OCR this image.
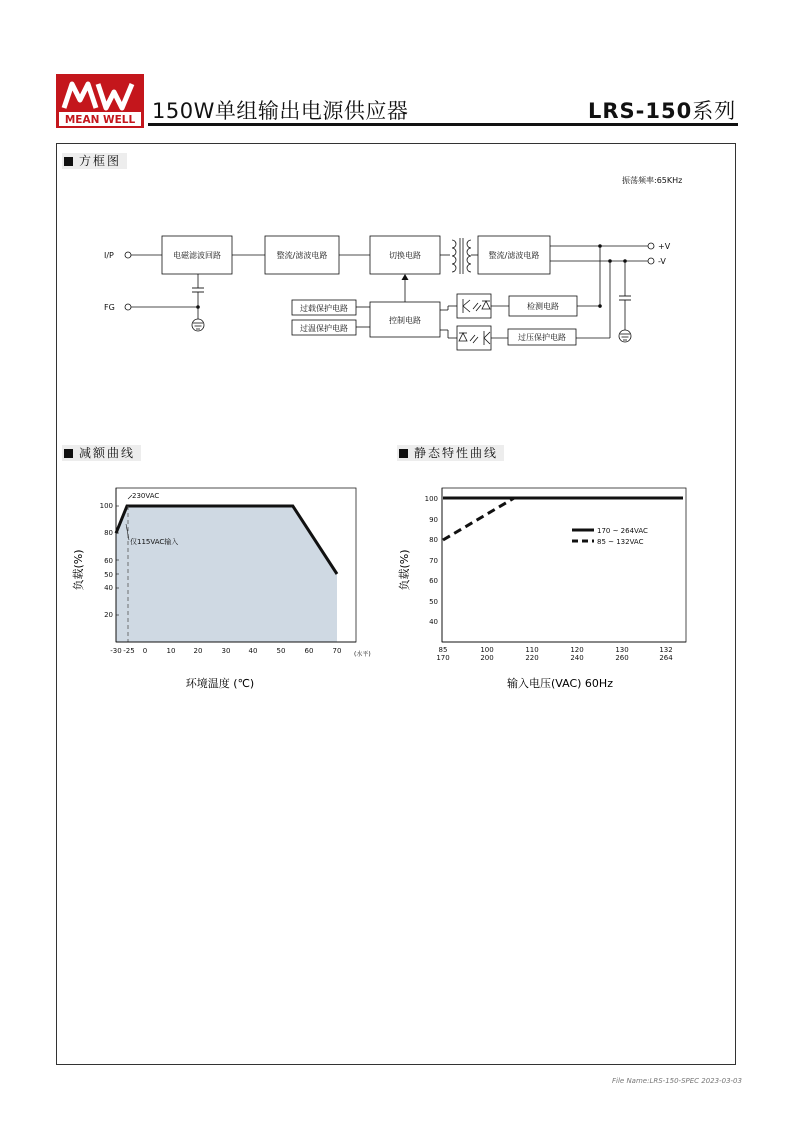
MEAN WELL 150W单组输出电源供应器	LRS-150系列
方框图
减额曲线	静态特性曲线
振荡频率:65KHz
I/P	电磁滤波回路	整流/滤波电路	切换电路	整流/滤波电路
+V
-V
FG	过载保护电路
过温保护电路
控制电路
检测电路
过压保护电路
100
80
60
50
40
20
-30 -25 0	10	20	30	40	50	60	70 (水平)
230VAC
仅115VAC输入
负载(%)
环境温度 (℃)
100
90
80
70
60
50
40
85
170
100
200
110
220
120
240
130
260
132
264
170 ~ 264VAC
85 ~ 132VAC
负载(%)
输入电压(VAC) 60Hz
File Name:LRS-150-SPEC 2023-03-03
